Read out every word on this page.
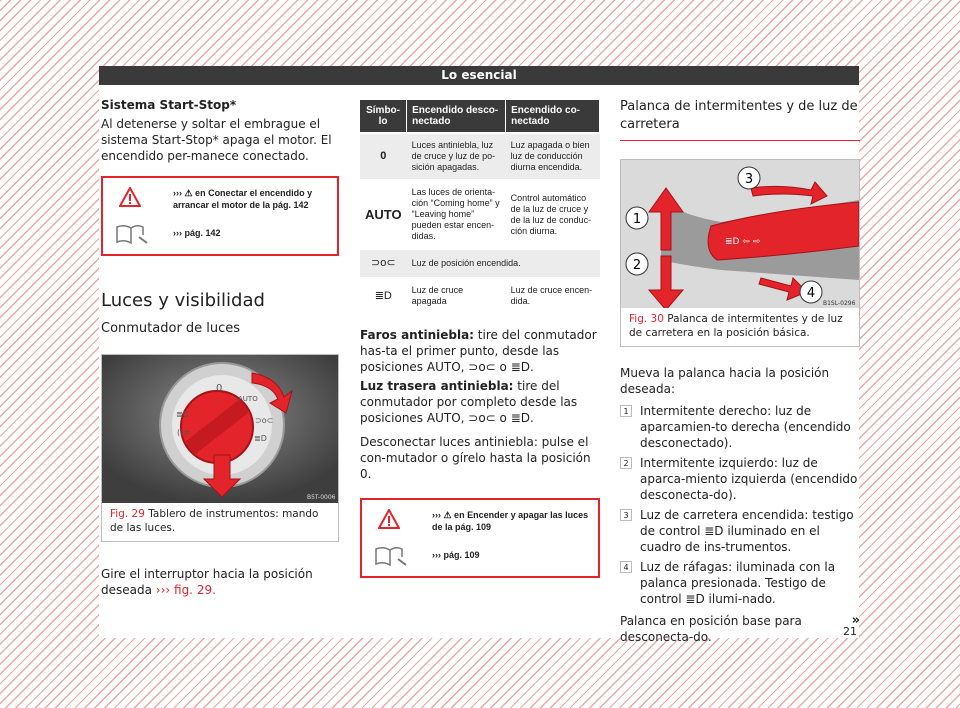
Lo esencial

Sistema Start-Stop*

Al detenerse y soltar el embrague el sistema Start-Stop* apaga el motor. El encendido per-manece conectado.

››› ⚠ en Conectar el encendido y arrancar el motor de la pág. 142
››› pág. 142
Luces y visibilidad
Conmutador de luces
0
AUTO
⊃o⊂
≣D
≣D
()≠
B5T-0006
Fig. 29 Tablero de instrumentos: mando de las luces.

Gire el interruptor hacia la posición deseada ››› fig. 29.

Símbo-lo	Encendido desco-nectado	Encendido co-nectado
0	Luces antiniebla, luz de cruce y luz de po-sición apagadas.	Luz apagada o bien luz de conducción diurna encendida.
AUTO	Las luces de orienta-ción “Coming home” y “Leaving home” pueden estar encen-didas.	Control automático de la luz de cruce y de la luz de conduc-ción diurna.
⊃o⊂	Luz de posición encendida.	
≣D	Luz de cruce apagada	Luz de cruce encen-dida.

Faros antiniebla: tire del conmutador has-ta el primer punto, desde las posiciones AUTO, ⊃o⊂ o ≣D.

Luz trasera antiniebla: tire del conmutador por completo desde las posiciones AUTO, ⊃o⊂ o ≣D.

Desconectar luces antiniebla: pulse el con-mutador o gírelo hasta la posición 0.

››› ⚠ en Encender y apagar las luces de la pág. 109
››› pág. 109
Palanca de intermitentes y de luz de carretera
≣D ⇦ ⇨
1
2
3
4
B1SL-0296
Fig. 30 Palanca de intermitentes y de luz de carretera en la posición básica.

Mueva la palanca hacia la posición deseada:

1 Intermitente derecho: luz de aparcamien-to derecha (encendido desconectado).
2 Intermitente izquierdo: luz de aparca-miento izquierda (encendido desconecta-do).
3 Luz de carretera encendida: testigo de control ≣D iluminado en el cuadro de ins-trumentos.
4 Luz de ráfagas: iluminada con la palanca presionada. Testigo de control ≣D ilumi-nado.

Palanca en posición base para desconecta-do.
»

21
